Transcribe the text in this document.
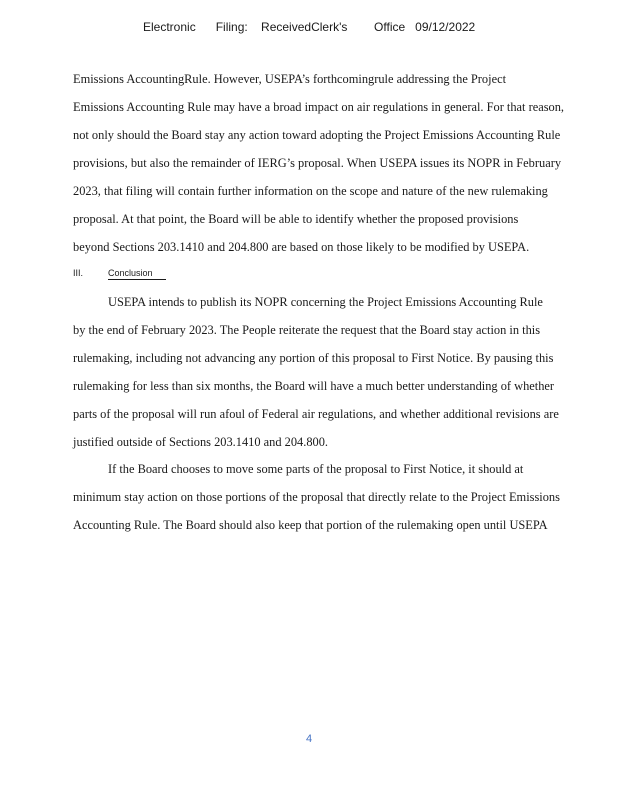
Electronic      Filing:    ReceivedClerk's        Office   09/12/2022
Emissions AccountingRule. However, USEPA’s forthcomingrule addressing the Project
Emissions Accounting Rule may have a broad impact on air regulations in general. For that reason,
not only should the Board stay any action toward adopting the Project Emissions Accounting Rule
provisions, but also the remainder of IERG’s proposal. When USEPA issues its NOPR in February
2023, that filing will contain further information on the scope and nature of the new rulemaking
proposal. At that point, the Board will be able to identify whether the proposed provisions
beyond Sections 203.1410 and 204.800 are based on those likely to be modified by USEPA.
III.	Conclusion
USEPA intends to publish its NOPR concerning the Project Emissions Accounting Rule
by the end of February 2023. The People reiterate the request that the Board stay action in this
rulemaking, including not advancing any portion of this proposal to First Notice. By pausing this
rulemaking for less than six months, the Board will have a much better understanding of whether
parts of the proposal will run afoul of Federal air regulations, and whether additional revisions are
justified outside of Sections 203.1410 and 204.800.
If the Board chooses to move some parts of the proposal to First Notice, it should at
minimum stay action on those portions of the proposal that directly relate to the Project Emissions
Accounting Rule. The Board should also keep that portion of the rulemaking open until USEPA
4
